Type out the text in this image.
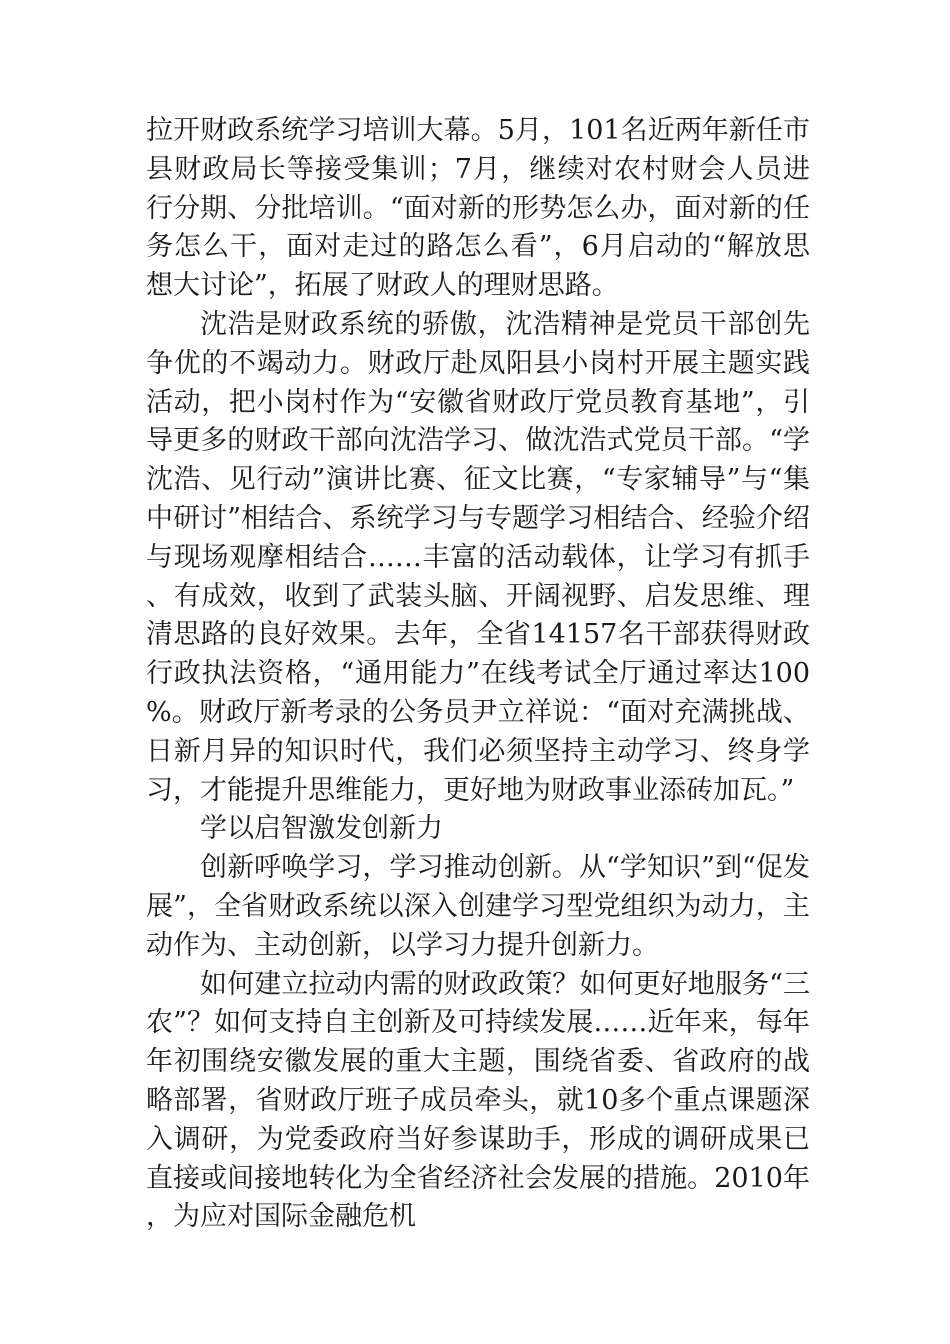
拉开财政系统学习培训大幕。5月，101名近两年新任市县财政局长等接受集训；7月，继续对农村财会人员进行分期、分批培训。“面对新的形势怎么办，面对新的任务怎么干，面对走过的路怎么看”，6月启动的“解放思想大讨论”，拓展了财政人的理财思路。

沈浩是财政系统的骄傲，沈浩精神是党员干部创先争优的不竭动力。财政厅赴凤阳县小岗村开展主题实践活动，把小岗村作为“安徽省财政厅党员教育基地”，引导更多的财政干部向沈浩学习、做沈浩式党员干部。“学沈浩、见行动”演讲比赛、征文比赛，“专家辅导”与“集中研讨”相结合、系统学习与专题学习相结合、经验介绍与现场观摩相结合……丰富的活动载体，让学习有抓手、有成效，收到了武装头脑、开阔视野、启发思维、理清思路的良好效果。去年，全省14157名干部获得财政行政执法资格，“通用能力”在线考试全厅通过率达100%。财政厅新考录的公务员尹立祥说：“面对充满挑战、日新月异的知识时代，我们必须坚持主动学习、终身学习，才能提升思维能力，更好地为财政事业添砖加瓦。”

学以启智激发创新力

创新呼唤学习，学习推动创新。从“学知识”到“促发展”，全省财政系统以深入创建学习型党组织为动力，主动作为、主动创新，以学习力提升创新力。

如何建立拉动内需的财政政策？如何更好地服务“三农”？如何支持自主创新及可持续发展……近年来，每年年初围绕安徽发展的重大主题，围绕省委、省政府的战略部署，省财政厅班子成员牵头，就10多个重点课题深入调研，为党委政府当好参谋助手，形成的调研成果已直接或间接地转化为全省经济社会发展的措施。2010年，为应对国际金融危机
